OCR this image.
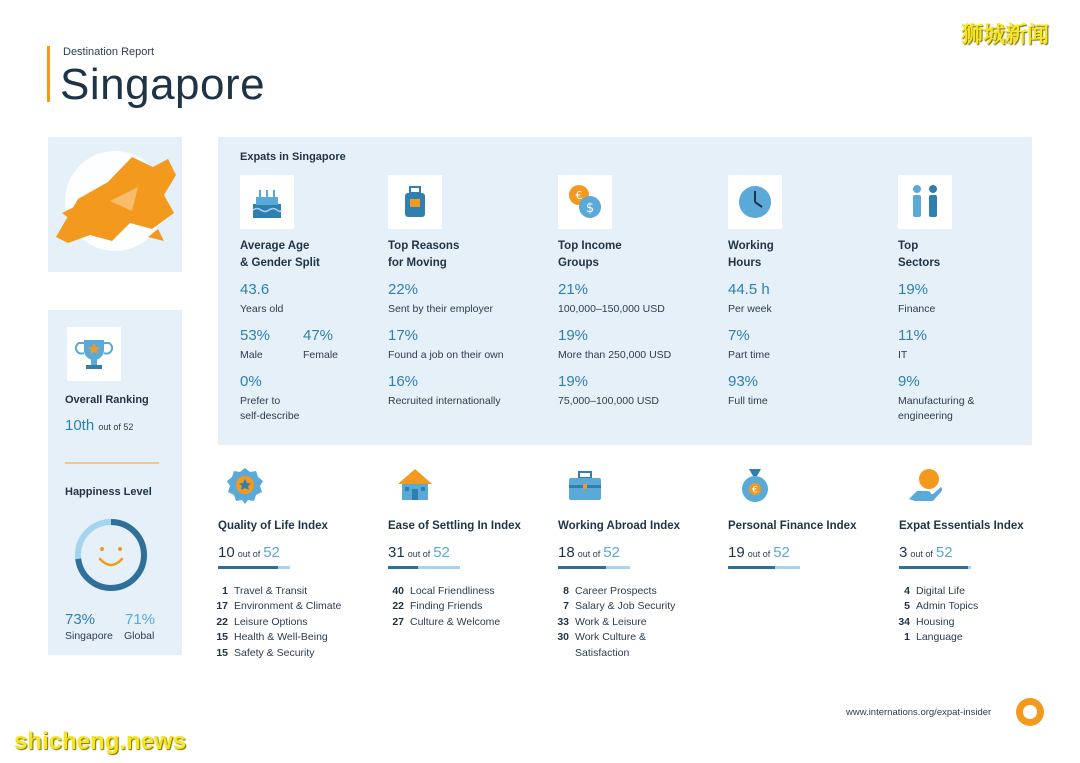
Destination Report
Singapore
Overall Ranking
10th out of 52
Happiness Level
73% 71%
Singapore Global
Expats in Singapore
€
$
Average Age
& Gender Split
43.6
Years old
53%
Male
47%
Female
0%
Prefer to
self-describe
Top Reasons
for Moving
22%
Sent by their employer
17%
Found a job on their own
16%
Recruited internationally
Top Income
Groups
21%
100,000–150,000 USD
19%
More than 250,000 USD
19%
75,000–100,000 USD
Working
Hours
44.5 h
Per week
7%
Part time
93%
Full time
Top
Sectors
19%
Finance
11%
IT
9%
Manufacturing &
engineering
€
Quality of Life Index
10 out of 52
1 Travel & Transit
17 Environment & Climate
22 Leisure Options
15 Health & Well-Being
15 Safety & Security
Ease of Settling In Index
31 out of 52
40 Local Friendliness
22 Finding Friends
27 Culture & Welcome
Working Abroad Index
18 out of 52
8 Career Prospects
7 Salary & Job Security
33 Work & Leisure
30 Work Culture &
Satisfaction
Personal Finance Index
19 out of 52
Expat Essentials Index
3 out of 52
4 Digital Life
5 Admin Topics
34 Housing
1 Language
www.internations.org/expat-insider
狮城新闻
shicheng.news
